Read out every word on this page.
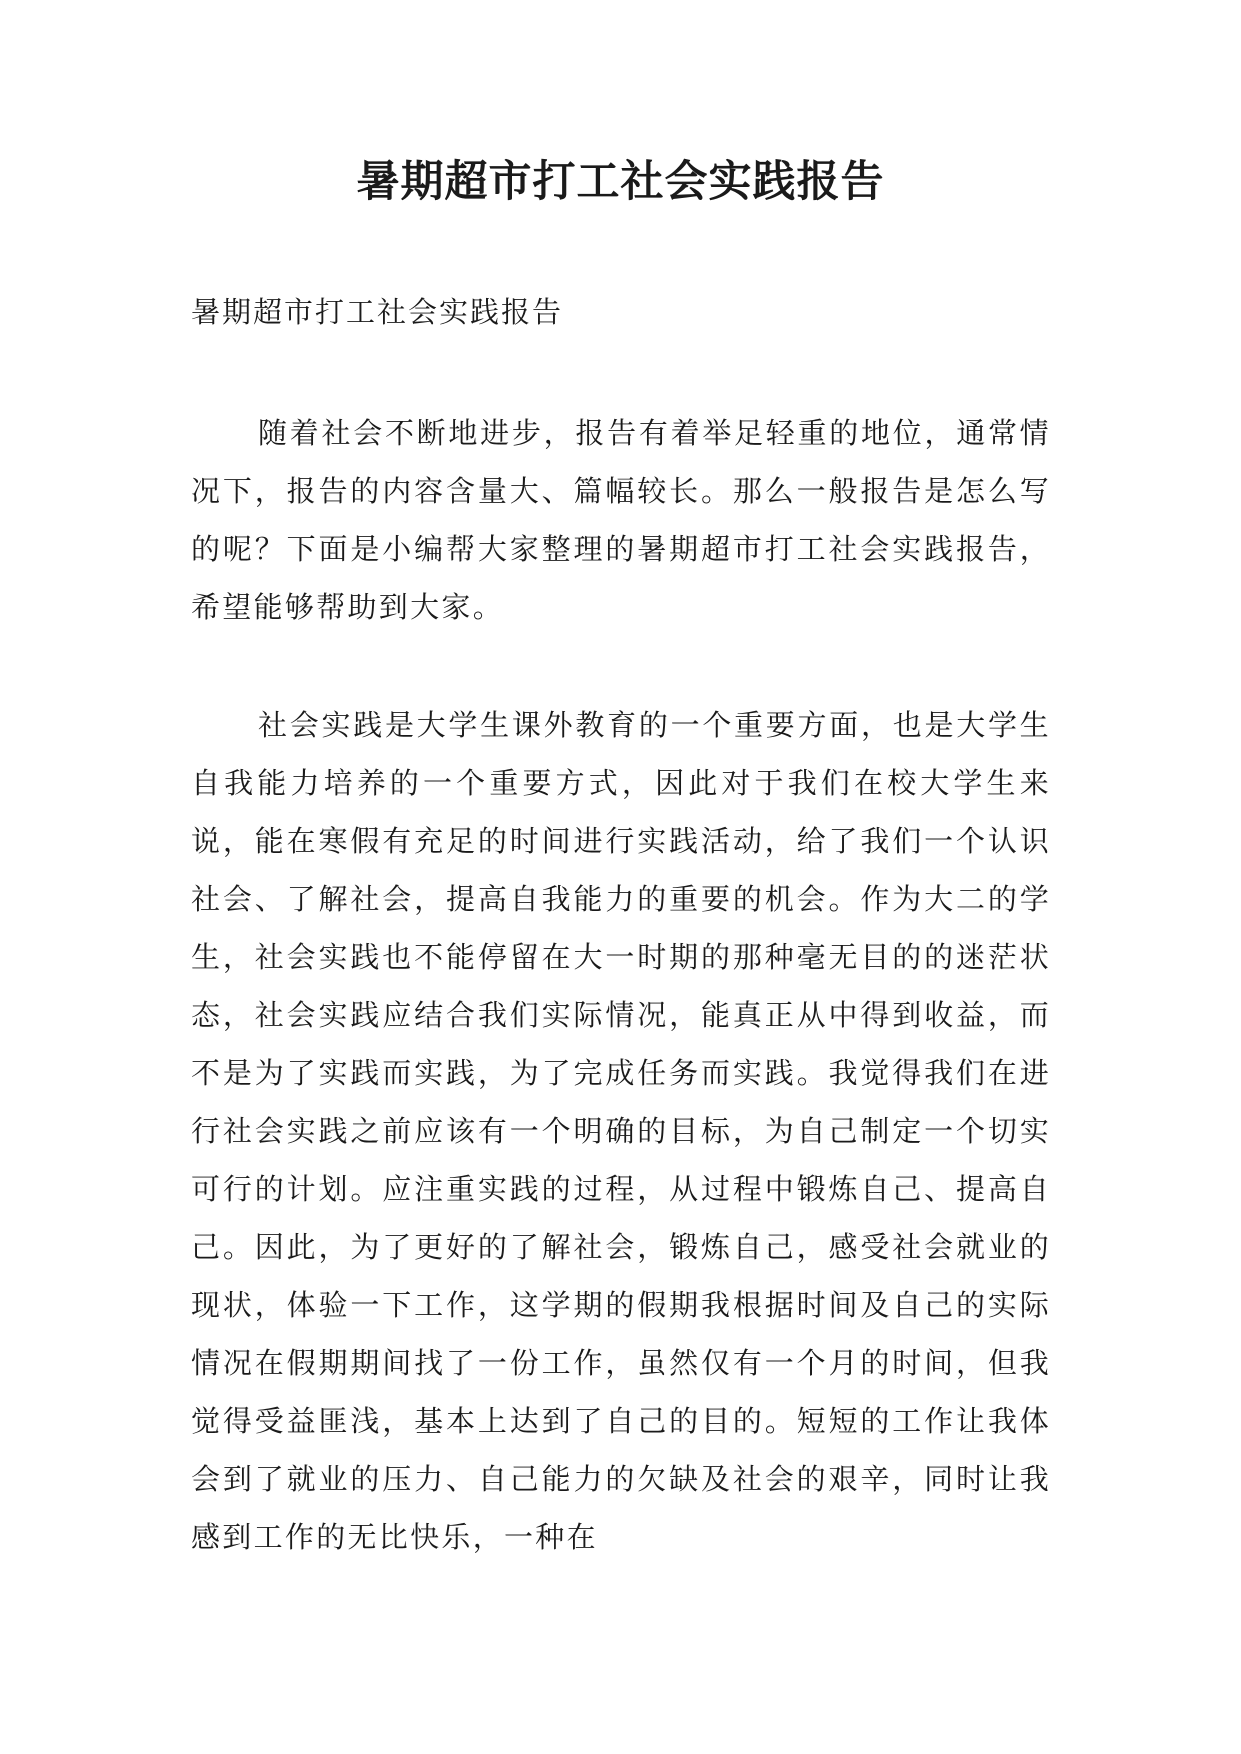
暑期超市打工社会实践报告

暑期超市打工社会实践报告

随着社会不断地进步，报告有着举足轻重的地位，通常情况下，报告的内容含量大、篇幅较长。那么一般报告是怎么写的呢？下面是小编帮大家整理的暑期超市打工社会实践报告，希望能够帮助到大家。

社会实践是大学生课外教育的一个重要方面，也是大学生自我能力培养的一个重要方式，因此对于我们在校大学生来说，能在寒假有充足的时间进行实践活动，给了我们一个认识社会、了解社会，提高自我能力的重要的机会。作为大二的学生，社会实践也不能停留在大一时期的那种毫无目的的迷茫状态，社会实践应结合我们实际情况，能真正从中得到收益，而不是为了实践而实践，为了完成任务而实践。我觉得我们在进行社会实践之前应该有一个明确的目标，为自己制定一个切实可行的计划。应注重实践的过程，从过程中锻炼自己、提高自己。因此，为了更好的了解社会，锻炼自己，感受社会就业的现状，体验一下工作，这学期的假期我根据时间及自己的实际情况在假期期间找了一份工作，虽然仅有一个月的时间，但我觉得受益匪浅，基本上达到了自己的目的。短短的工作让我体会到了就业的压力、自己能力的欠缺及社会的艰辛，同时让我感到工作的无比快乐，一种在
